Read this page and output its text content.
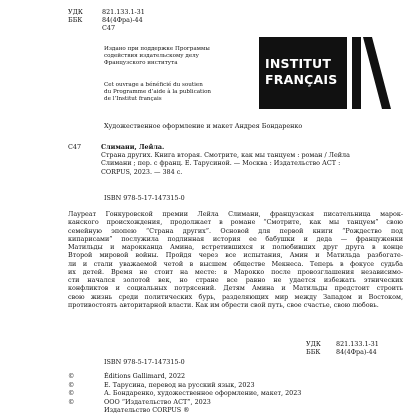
УДК	821.133.1-31
ББК	84(4Фра)-44
С47
Издано при поддержке Программы
содействия издательскому делу
Французского института
Cet ouvrage a bénéficié du soutien
du Programme d’aide à la publication
de l’Institut français
INSTITUT
FRANÇAIS
Художественное оформление и макет Андрея Бондаренко
С47	Слимани, Лейла.
Страна других. Книга вторая. Смотрите, как мы танцуем : роман / Лейла
Слимани ; пер. с франц. Е. Тарусиной. — Москва : Издательство АСТ :
CORPUS, 2023. — 384 с.
ISBN 978-5-17-147315-0
Лауреат Гонкуровской премии Лейла Слимани, французская писательница марок-
канского происхождения, продолжает в романе “Смотрите, как мы танцуем” свою
семейную эпопею “Страна других”. Основой для первой книги “Рождество под
кипарисами” послужила подлинная история ее бабушки и деда — француженки
Матильды и марокканца Амина, встретившихся и полюбивших друг друга в конце
Второй мировой войны. Пройдя через все испытания, Амин и Матильда разбогате-
ли и стали уважаемой четой в высшем обществе Мекнеса. Теперь в фокусе судьба
их детей. Время не стоит на месте: в Марокко после провозглашения независимо-
сти начался золотой век, но стране все равно не удается избежать этнических
конфликтов и социальных потрясений. Детям Амина и Матильды предстоит строить
свою жизнь среди политических бурь, разделяющих мир между Западом и Востоком,
противостоять авторитарной власти. Как им обрести свой путь, свое счастье, свою любовь.
УДК	821.133.1-31
ББК	84(4Фра)-44
ISBN 978-5-17-147315-0
©	Éditions Gallimard, 2022
©	Е. Тарусина, перевод на русский язык, 2023
©	А. Бондаренко, художественное оформление, макет, 2023
©	ООО “Издательство АСТ”, 2023
Издательство CORPUS ®
